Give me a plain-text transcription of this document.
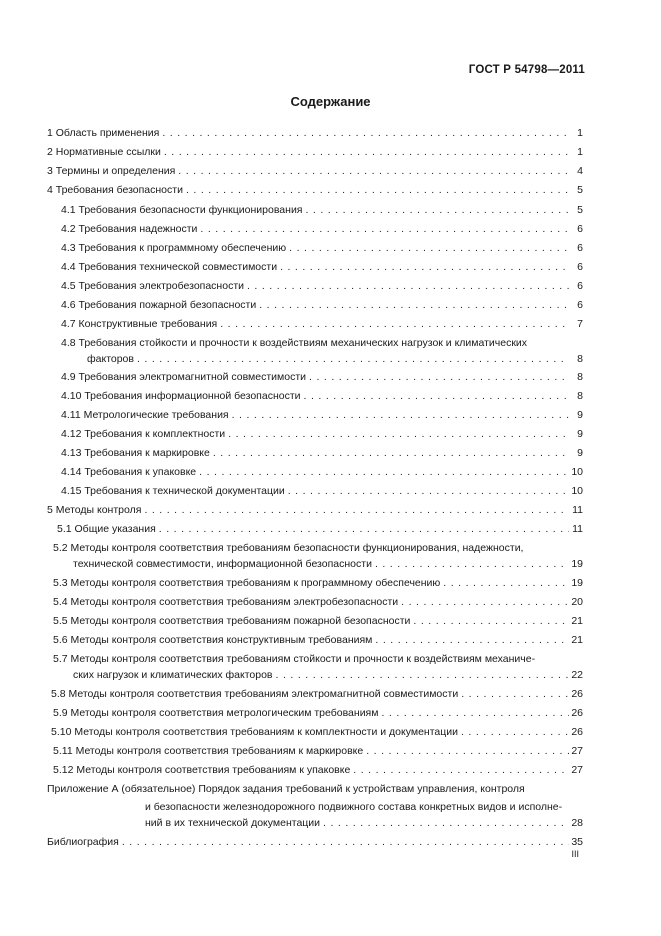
ГОСТ Р 54798—2011
Содержание
1 Область применения . . .	1
2 Нормативные ссылки . . .	1
3 Термины и определения . . .	4
4 Требования безопасности . . .	5
4.1 Требования безопасности функционирования . . .	5
4.2 Требования надежности . . .	6
4.3 Требования к программному обеспечению . . .	6
4.4 Требования технической совместимости . . .	6
4.5 Требования электробезопасности . . .	6
4.6 Требования пожарной безопасности . . .	6
4.7 Конструктивные требования . . .	7
4.8 Требования стойкости и прочности к воздействиям механических нагрузок и климатических
факторов . . .	8
4.9 Требования электромагнитной совместимости . . .	8
4.10 Требования информационной безопасности . . .	8
4.11 Метрологические требования . . .	9
4.12 Требования к комплектности . . .	9
4.13 Требования к маркировке . . .	9
4.14 Требования к упаковке . . .	10
4.15 Требования к технической документации . . .	10
5 Методы контроля . . .	11
5.1 Общие указания . . .	11
5.2 Методы контроля соответствия требованиям безопасности функционирования, надежности,
технической совместимости, информационной безопасности . . .	19
5.3 Методы контроля соответствия требованиям к программному обеспечению . . .	19
5.4 Методы контроля соответствия требованиям электробезопасности . . .	20
5.5 Методы контроля соответствия требованиям пожарной безопасности . . .	21
5.6 Методы контроля соответствия конструктивным требованиям . . .	21
5.7 Методы контроля соответствия требованиям стойкости и прочности к воздействиям механиче-
ских нагрузок и климатических факторов . . .	22
5.8 Методы контроля соответствия требованиям электромагнитной совместимости . . .	26
5.9 Методы контроля соответствия метрологическим требованиям . . .	26
5.10 Методы контроля соответствия требованиям к комплектности и документации . . .	26
5.11 Методы контроля соответствия требованиям к маркировке . . .	27
5.12 Методы контроля соответствия требованиям к упаковке . . .	27
Приложение А (обязательное) Порядок задания требований к устройствам управления, контроля
и безопасности железнодорожного подвижного состава конкретных видов и исполне-
ний в их технической документации . . .	28
Библиография . . .	35
III
